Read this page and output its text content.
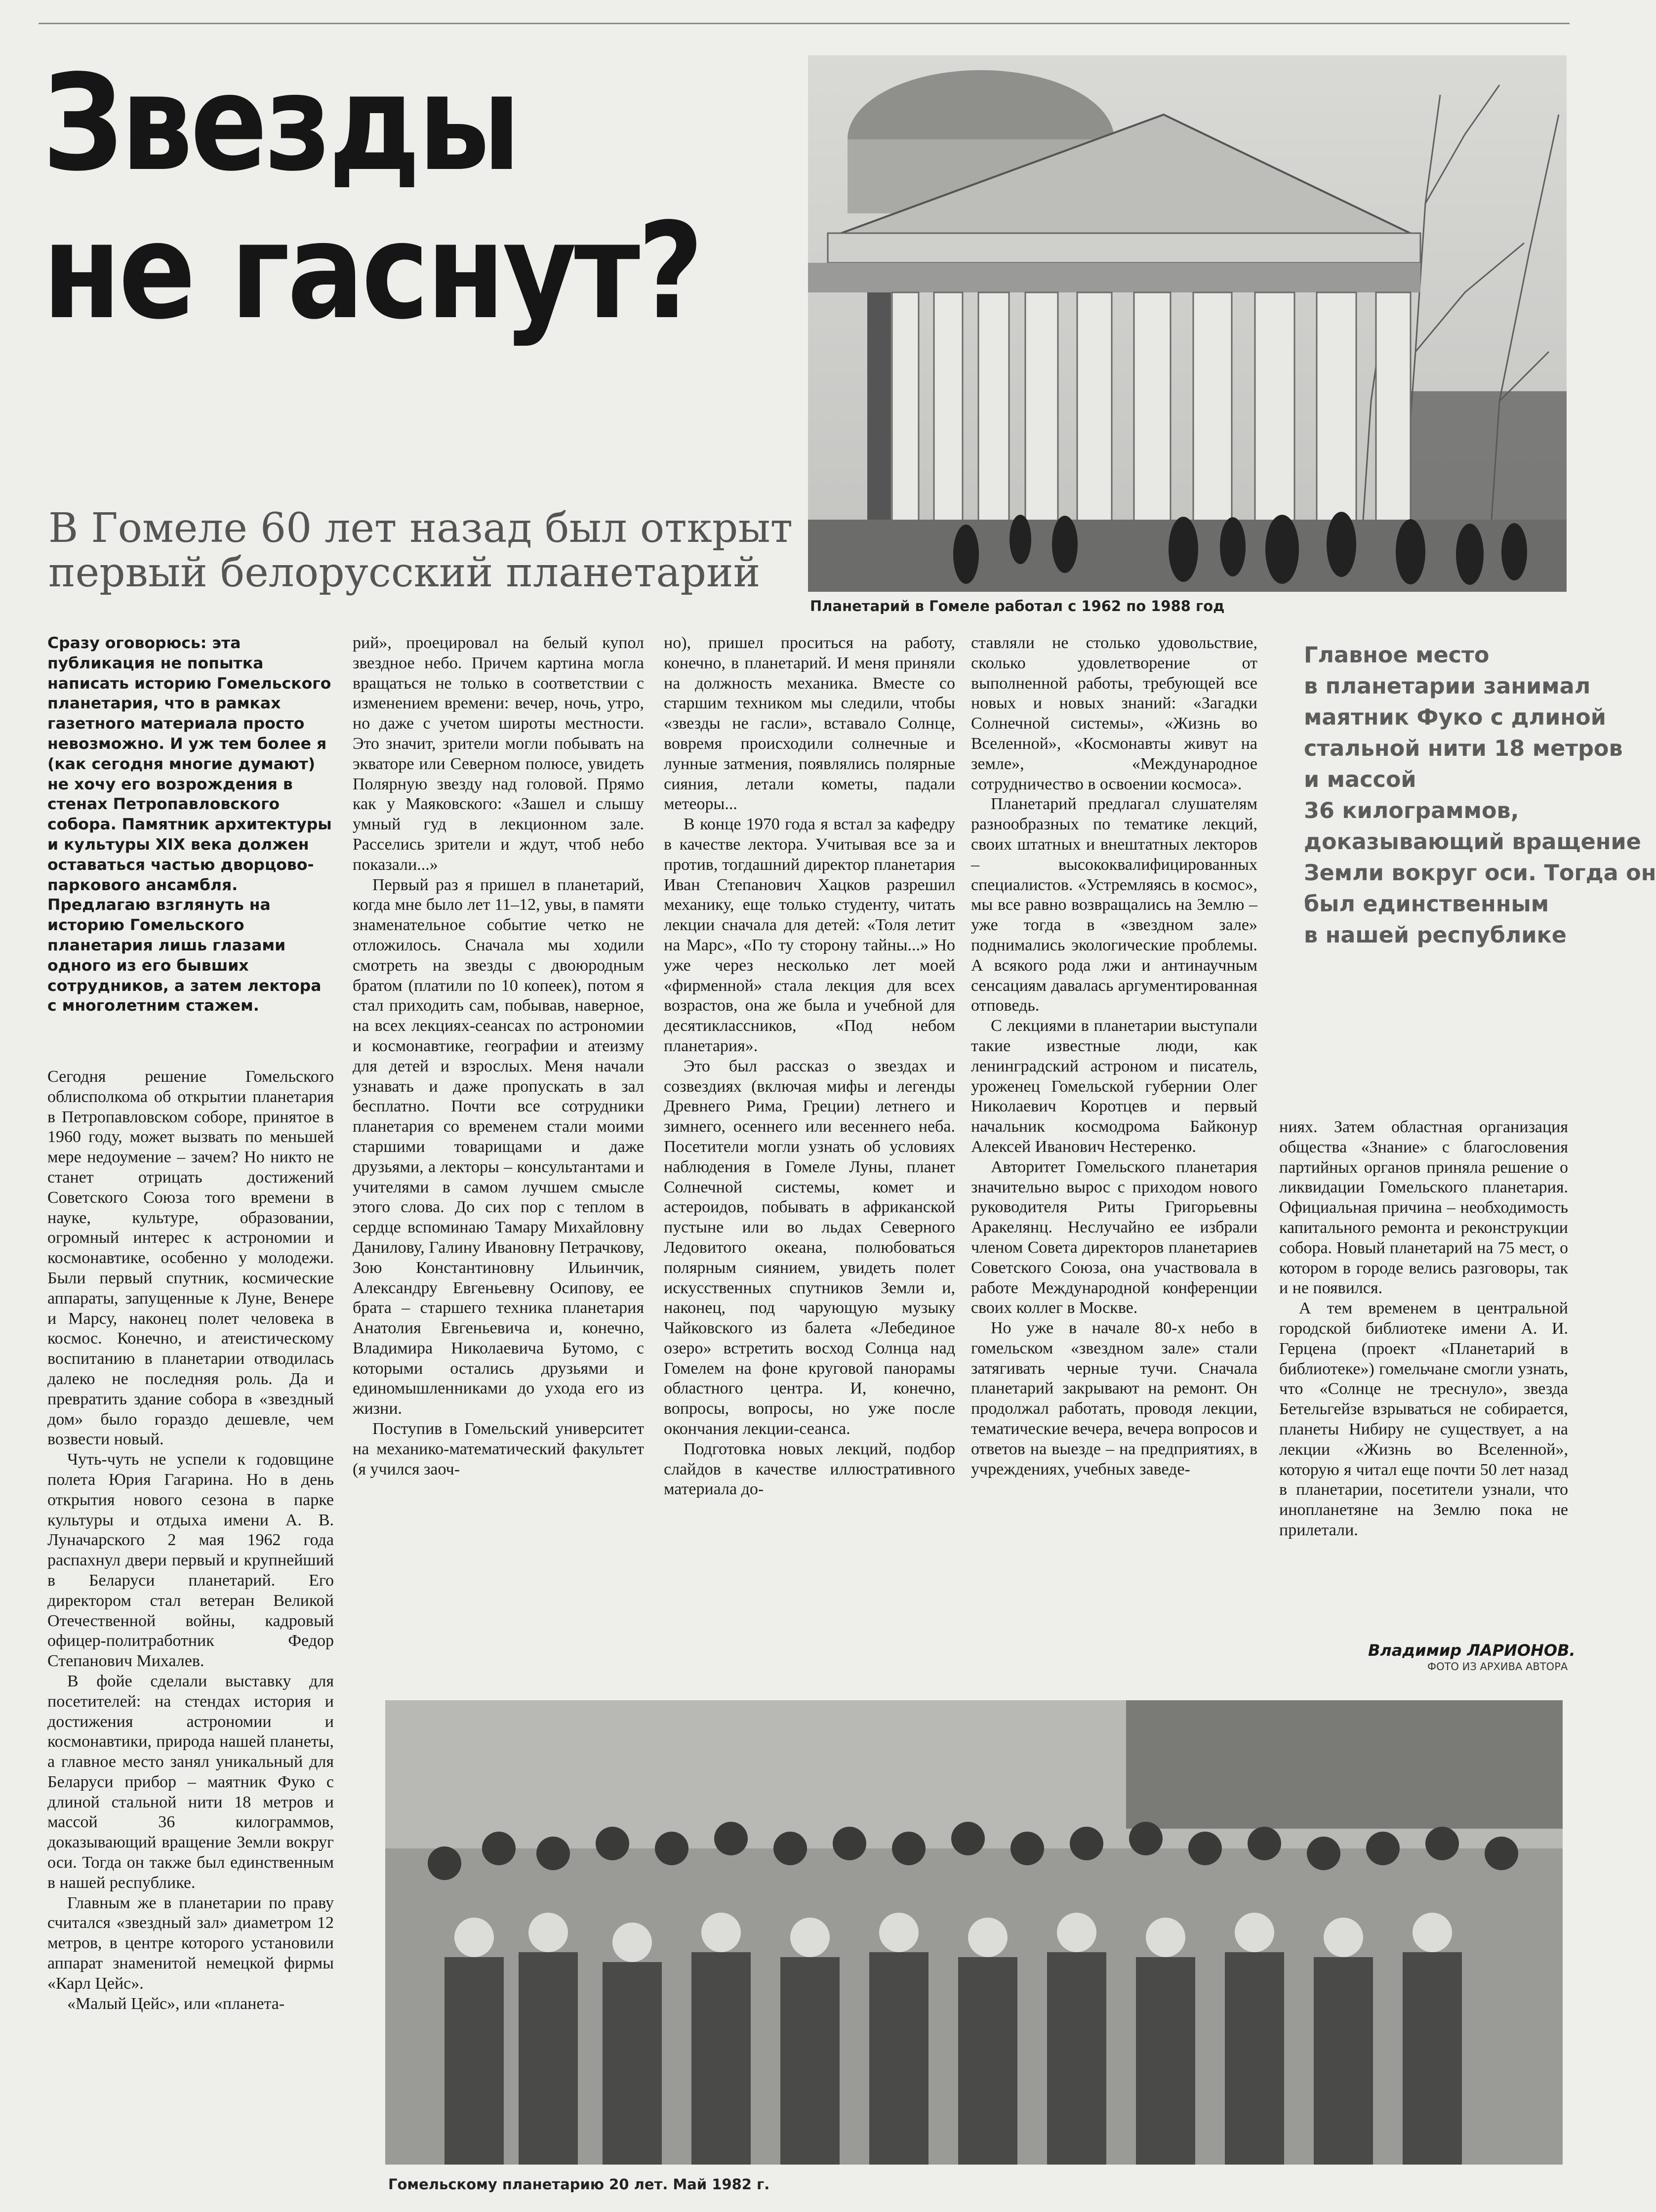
Звезды
не гаснут?
В Гомеле 60 лет назад был открыт
первый белорусский планетарий
Планетарий в Гомеле работал с 1962 по 1988 год

Главное место

в планетарии занимал

маятник Фуко с длиной

стальной нити 18 метров

и массой

36 килограммов,

доказывающий вращение

Земли вокруг оси. Тогда он

был единственным

в нашей республике

Сразу оговорюсь: эта публикация не попытка написать историю Гомельского планетария, что в рамках газетного материала просто невозможно. И уж тем более я (как сегодня многие думают) не хочу его возрождения в стенах Петропавловского собора. Памятник архитектуры и культуры XIX века должен оставаться частью дворцово-паркового ансамбля. Предлагаю взглянуть на историю Гомельского планетария лишь глазами одного из его бывших сотрудников, а затем лектора с многолетним стажем.

Сегодня решение Гомельского облисполкома об открытии планетария в Петропавловском соборе, принятое в 1960 году, может вызвать по меньшей мере недоумение – зачем? Но никто не станет отрицать достижений Советского Союза того времени в науке, культуре, образовании, огромный интерес к астрономии и космонавтике, особенно у молодежи. Были первый спутник, космические аппараты, запущенные к Луне, Венере и Марсу, наконец полет человека в космос. Конечно, и атеистическому воспитанию в планетарии отводилась далеко не последняя роль. Да и превратить здание собора в «звездный дом» было гораздо дешевле, чем возвести новый.

Чуть-чуть не успели к годовщине полета Юрия Гагарина. Но в день открытия нового сезона в парке культуры и отдыха имени А. В. Луначарского 2 мая 1962 года распахнул двери первый и крупнейший в Беларуси планетарий. Его директором стал ветеран Великой Отечественной войны, кадровый офицер-политработник Федор Степанович Михалев.

В фойе сделали выставку для посетителей: на стендах история и достижения астрономии и космонавтики, природа нашей планеты, а главное место занял уникальный для Беларуси прибор – маятник Фуко с длиной стальной нити 18 метров и массой 36 килограммов, доказывающий вращение Земли вокруг оси. Тогда он также был единственным в нашей республике.

Главным же в планетарии по праву считался «звездный зал» диаметром 12 метров, в центре которого установили аппарат знаменитой немецкой фирмы «Карл Цейс».

«Малый Цейс», или «планета-

рий», проецировал на белый купол звездное небо. Причем картина могла вращаться не только в соответствии с изменением времени: вечер, ночь, утро, но даже с учетом широты местности. Это значит, зрители могли побывать на экваторе или Северном полюсе, увидеть Полярную звезду над головой. Прямо как у Маяковского: «Зашел и слышу умный гуд в лекционном зале. Расселись зрители и ждут, чтоб небо показали...»

Первый раз я пришел в планетарий, когда мне было лет 11–12, увы, в памяти знаменательное событие четко не отложилось. Сначала мы ходили смотреть на звезды с двоюродным братом (платили по 10 копеек), потом я стал приходить сам, побывав, наверное, на всех лекциях-сеансах по астрономии и космонавтике, географии и атеизму для детей и взрослых. Меня начали узнавать и даже пропускать в зал бесплатно. Почти все сотрудники планетария со временем стали моими старшими товарищами и даже друзьями, а лекторы – консультантами и учителями в самом лучшем смысле этого слова. До сих пор с теплом в сердце вспоминаю Тамару Михайловну Данилову, Галину Ивановну Петрачкову, Зою Константиновну Ильинчик, Александру Евгеньевну Осипову, ее брата – старшего техника планетария Анатолия Евгеньевича и, конечно, Владимира Николаевича Бутомо, с которыми остались друзьями и единомышленниками до ухода его из жизни.

Поступив в Гомельский университет на механико-математический факультет (я учился заоч-

но), пришел проситься на работу, конечно, в планетарий. И меня приняли на должность механика. Вместе со старшим техником мы следили, чтобы «звезды не гасли», вставало Солнце, вовремя происходили солнечные и лунные затмения, появлялись полярные сияния, летали кометы, падали метеоры...

В конце 1970 года я встал за кафедру в качестве лектора. Учитывая все за и против, тогдашний директор планетария Иван Степанович Хацков разрешил механику, еще только студенту, читать лекции сначала для детей: «Толя летит на Марс», «По ту сторону тайны...» Но уже через несколько лет моей «фирменной» стала лекция для всех возрастов, она же была и учебной для десятиклассников, «Под небом планетария».

Это был рассказ о звездах и созвездиях (включая мифы и легенды Древнего Рима, Греции) летнего и зимнего, осеннего или весеннего неба. Посетители могли узнать об условиях наблюдения в Гомеле Луны, планет Солнечной системы, комет и астероидов, побывать в африканской пустыне или во льдах Северного Ледовитого океана, полюбоваться полярным сиянием, увидеть полет искусственных спутников Земли и, наконец, под чарующую музыку Чайковского из балета «Лебединое озеро» встретить восход Солнца над Гомелем на фоне круговой панорамы областного центра. И, конечно, вопросы, вопросы, но уже после окончания лекции-сеанса.

Подготовка новых лекций, подбор слайдов в качестве иллюстративного материала до-

ставляли не столько удовольствие, сколько удовлетворение от выполненной работы, требующей все новых и новых знаний: «Загадки Солнечной системы», «Жизнь во Вселенной», «Космонавты живут на земле», «Международное сотрудничество в освоении космоса».

Планетарий предлагал слушателям разнообразных по тематике лекций, своих штатных и внештатных лекторов – высококвалифицированных специалистов. «Устремляясь в космос», мы все равно возвращались на Землю – уже тогда в «звездном зале» поднимались экологические проблемы. А всякого рода лжи и антинаучным сенсациям давалась аргументированная отповедь.

С лекциями в планетарии выступали такие известные люди, как ленинградский астроном и писатель, уроженец Гомельской губернии Олег Николаевич Коротцев и первый начальник космодрома Байконур Алексей Иванович Нестеренко.

Авторитет Гомельского планетария значительно вырос с приходом нового руководителя Риты Григорьевны Аракелянц. Неслучайно ее избрали членом Совета директоров планетариев Советского Союза, она участвовала в работе Международной конференции своих коллег в Москве.

Но уже в начале 80-х небо в гомельском «звездном зале» стали затягивать черные тучи. Сначала планетарий закрывают на ремонт. Он продолжал работать, проводя лекции, тематические вечера, вечера вопросов и ответов на выезде – на предприятиях, в учреждениях, учебных заведе-

ниях. Затем областная организация общества «Знание» с благословения партийных органов приняла решение о ликвидации Гомельского планетария. Официальная причина – необходимость капитального ремонта и реконструкции собора. Новый планетарий на 75 мест, о котором в городе велись разговоры, так и не появился.

А тем временем в центральной городской библиотеке имени А. И. Герцена (проект «Планетарий в библиотеке») гомельчане смогли узнать, что «Солнце не треснуло», звезда Бетельгейзе взрываться не собирается, планеты Нибиру не существует, а на лекции «Жизнь во Вселенной», которую я читал еще почти 50 лет назад в планетарии, посетители узнали, что инопланетяне на Землю пока не прилетали.

Владимир ЛАРИОНОВ.
ФОТО ИЗ АРХИВА АВТОРА
Гомельскому планетарию 20 лет. Май 1982 г.
